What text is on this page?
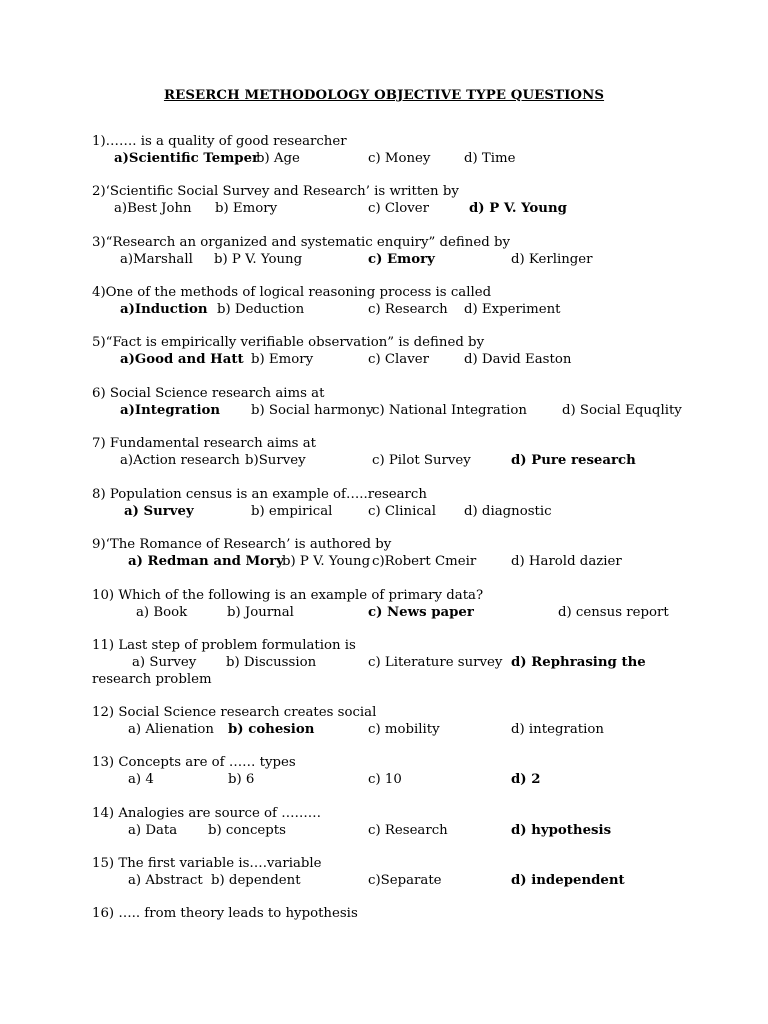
RESERCH METHODOLOGY OBJECTIVE TYPE QUESTIONS
1)……. is a quality of good researcher
a)Scientific Temper
b) Age	c) Money	d) Time
2)‘Scientific Social Survey and Research’ is written by
a)Best John b) Emory	c) Clover	d) P V. Young
3)“Research an organized and systematic enquiry” defined by
a)Marshall b) P V. Young	c) Emory	d) Kerlinger
4)One of the methods of logical reasoning process is called
a)Induction b) Deduction	c) Research d) Experiment
5)“Fact is empirically verifiable observation” is defined by
a)Good and Hatt b) Emory	c) Claver	d) David Easton
6) Social Science research aims at
a)Integration b) Social harmony
c) National Integration	d) Social Equqlity
7) Fundamental research aims at
a)Action research b)Survey	c) Pilot Survey	d) Pure research
8) Population census is an example of…..research
a) Survey	b) empirical	c) Clinical d) diagnostic
9)‘The Romance of Research’ is authored by
a) Redman and Mory
b) P V. Young c)Robert Cmeir	d) Harold dazier
10) Which of the following is an example of primary data?
a) Book	b) Journal	c) News paper	d) census report
11) Last step of problem formulation is
a) Survey b) Discussion	c) Literature survey d) Rephrasing the
research problem
12) Social Science research creates social
a) Alienation b) cohesion	c) mobility	d) integration
13) Concepts are of …… types
a) 4	b) 6	c) 10	d) 2
14) Analogies are source of ………
a) Data b) concepts	c) Research	d) hypothesis
15) The first variable is….variable
a) Abstract b) dependent	c)Separate	d) independent
16) ….. from theory leads to hypothesis
